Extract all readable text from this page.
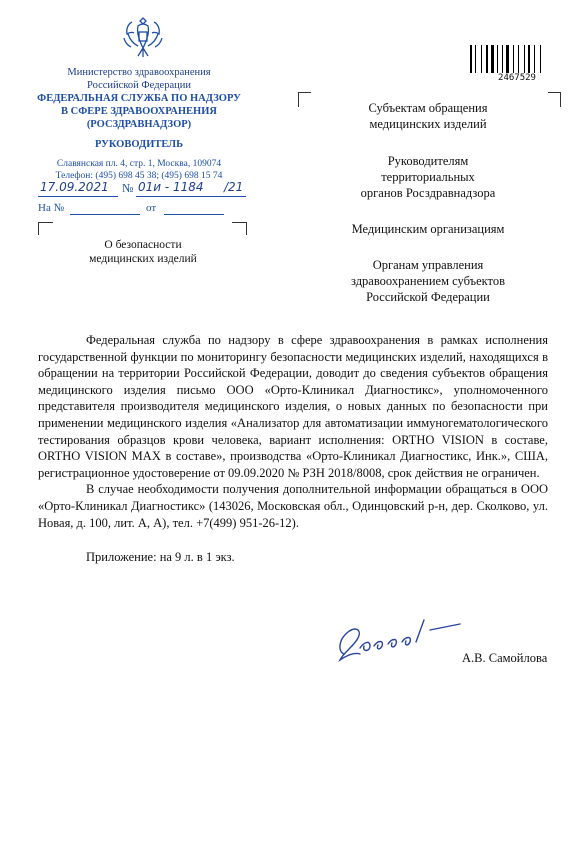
Министерство здравоохранения
Российской Федерации
ФЕДЕРАЛЬНАЯ СЛУЖБА ПО НАДЗОРУ
В СФЕРЕ ЗДРАВООХРАНЕНИЯ
(РОСЗДРАВНАДЗОР)
РУКОВОДИТЕЛЬ
Славянская пл. 4, стр. 1, Москва, 109074
Телефон: (495) 698 45 38; (495) 698 15 74
17.09.2021 № 01и - 1184 /21
На №	от
О безопасности
медицинских изделий
2467529
Субъектам обращения
медицинских изделий
Руководителям
территориальных
органов Росздравнадзора
Медицинским организациям
Органам управления
здравоохранением субъектов
Российской Федерации
Федеральная служба по надзору в сфере здравоохранения в рамках исполнения государственной функции по мониторингу безопасности медицинских изделий, находящихся в обращении на территории Российской Федерации, доводит до сведения субъектов обращения медицинского изделия письмо ООО «Орто-Клиникал Диагностикс», уполномоченного представителя производителя медицинского изделия, о новых данных по безопасности при применении медицинского изделия «Анализатор для автоматизации иммуногематологического тестирования образцов крови человека, вариант исполнения: ORTHO VISION в составе, ORTHO VISION MAX в составе», производства «Орто-Клиникал Диагностикс, Инк.», США, регистрационное удостоверение от 09.09.2020 № РЗН 2018/8008, срок действия не ограничен.
В случае необходимости получения дополнительной информации обращаться в ООО «Орто-Клиникал Диагностикс» (143026, Московская обл., Одинцовский р-н, дер. Сколково, ул. Новая, д. 100, лит. А, А), тел. +7(499) 951-26-12).
Приложение: на 9 л. в 1 экз.
А.В. Самойлова
